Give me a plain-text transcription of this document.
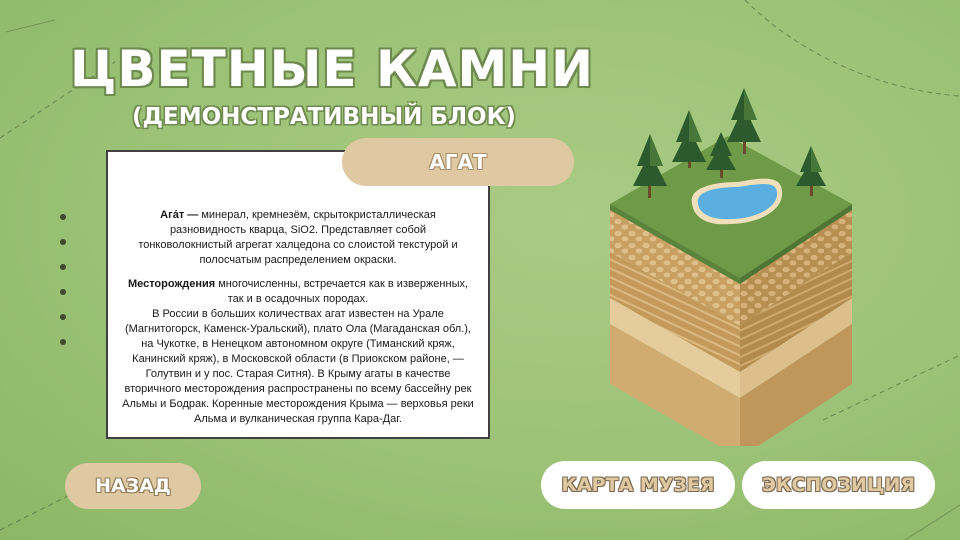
ЦВЕТНЫЕ КАМНИ
(ДЕМОНСТРАТИВНЫЙ БЛОК)

Ага́т — минерал, кремнезём, скрытокристаллическая разновидность кварца, SiO2. Представляет собой тонковолокнистый агрегат халцедона со слоистой текстурой и полосчатым распределением окраски.

Месторождения многочисленны, встречается как в изверженных, так и в осадочных породах.

В России в больших количествах агат известен на Урале (Магнитогорск, Каменск-Уральский), плато Ола (Магаданская обл.), на Чукотке, в Ненецком автономном округе (Тиманский кряж, Канинский кряж), в Московской области (в Приокском районе, — Голутвин и у пос. Старая Ситня). В Крыму агаты в качестве вторичного месторождения распространены по всему бассейну рек Альмы и Бодрак. Коренные месторождения Крыма — верховья реки Альма и вулканическая группа Кара-Даг.

АГАТ
НАЗАД	КАРТА МУЗЕЯ	ЭКСПОЗИЦИЯ
